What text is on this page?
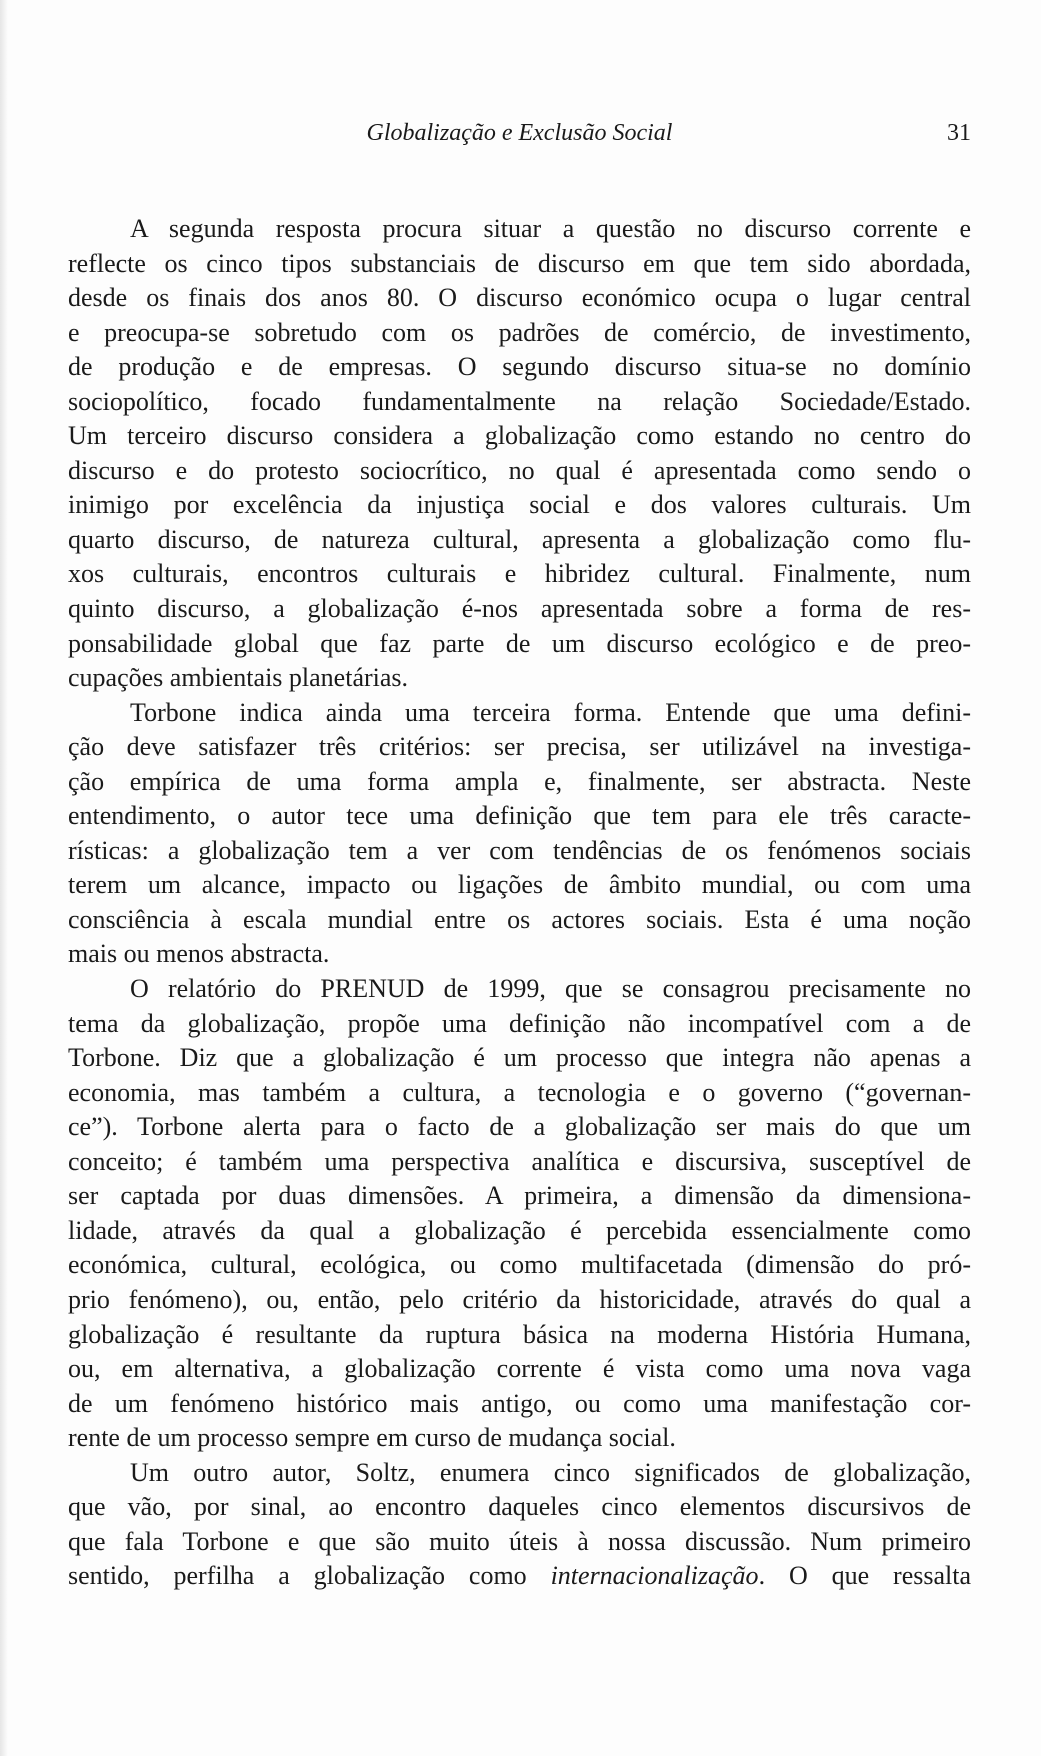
Globalização e Exclusão Social	31
A segunda resposta procura situar a questão no discurso corrente e
reflecte os cinco tipos substanciais de discurso em que tem sido abordada,
desde os finais dos anos 80. O discurso económico ocupa o lugar central
e preocupa-se sobretudo com os padrões de comércio, de investimento,
de produção e de empresas. O segundo discurso situa-se no domínio
sociopolítico, focado fundamentalmente na relação Sociedade/Estado.
Um terceiro discurso considera a globalização como estando no centro do
discurso e do protesto sociocrítico, no qual é apresentada como sendo o
inimigo por excelência da injustiça social e dos valores culturais. Um
quarto discurso, de natureza cultural, apresenta a globalização como flu-
xos culturais, encontros culturais e hibridez cultural. Finalmente, num
quinto discurso, a globalização é-nos apresentada sobre a forma de res-
ponsabilidade global que faz parte de um discurso ecológico e de preo-
cupações ambientais planetárias.
Torbone indica ainda uma terceira forma. Entende que uma defini-
ção deve satisfazer três critérios: ser precisa, ser utilizável na investiga-
ção empírica de uma forma ampla e, finalmente, ser abstracta. Neste
entendimento, o autor tece uma definição que tem para ele três caracte-
rísticas: a globalização tem a ver com tendências de os fenómenos sociais
terem um alcance, impacto ou ligações de âmbito mundial, ou com uma
consciência à escala mundial entre os actores sociais. Esta é uma noção
mais ou menos abstracta.
O relatório do PRENUD de 1999, que se consagrou precisamente no
tema da globalização, propõe uma definição não incompatível com a de
Torbone. Diz que a globalização é um processo que integra não apenas a
economia, mas também a cultura, a tecnologia e o governo (“governan-
ce”). Torbone alerta para o facto de a globalização ser mais do que um
conceito; é também uma perspectiva analítica e discursiva, susceptível de
ser captada por duas dimensões. A primeira, a dimensão da dimensiona-
lidade, através da qual a globalização é percebida essencialmente como
económica, cultural, ecológica, ou como multifacetada (dimensão do pró-
prio fenómeno), ou, então, pelo critério da historicidade, através do qual a
globalização é resultante da ruptura básica na moderna História Humana,
ou, em alternativa, a globalização corrente é vista como uma nova vaga
de um fenómeno histórico mais antigo, ou como uma manifestação cor-
rente de um processo sempre em curso de mudança social.
Um outro autor, Soltz, enumera cinco significados de globalização,
que vão, por sinal, ao encontro daqueles cinco elementos discursivos de
que fala Torbone e que são muito úteis à nossa discussão. Num primeiro
sentido, perfilha a globalização como internacionalização. O que ressalta
